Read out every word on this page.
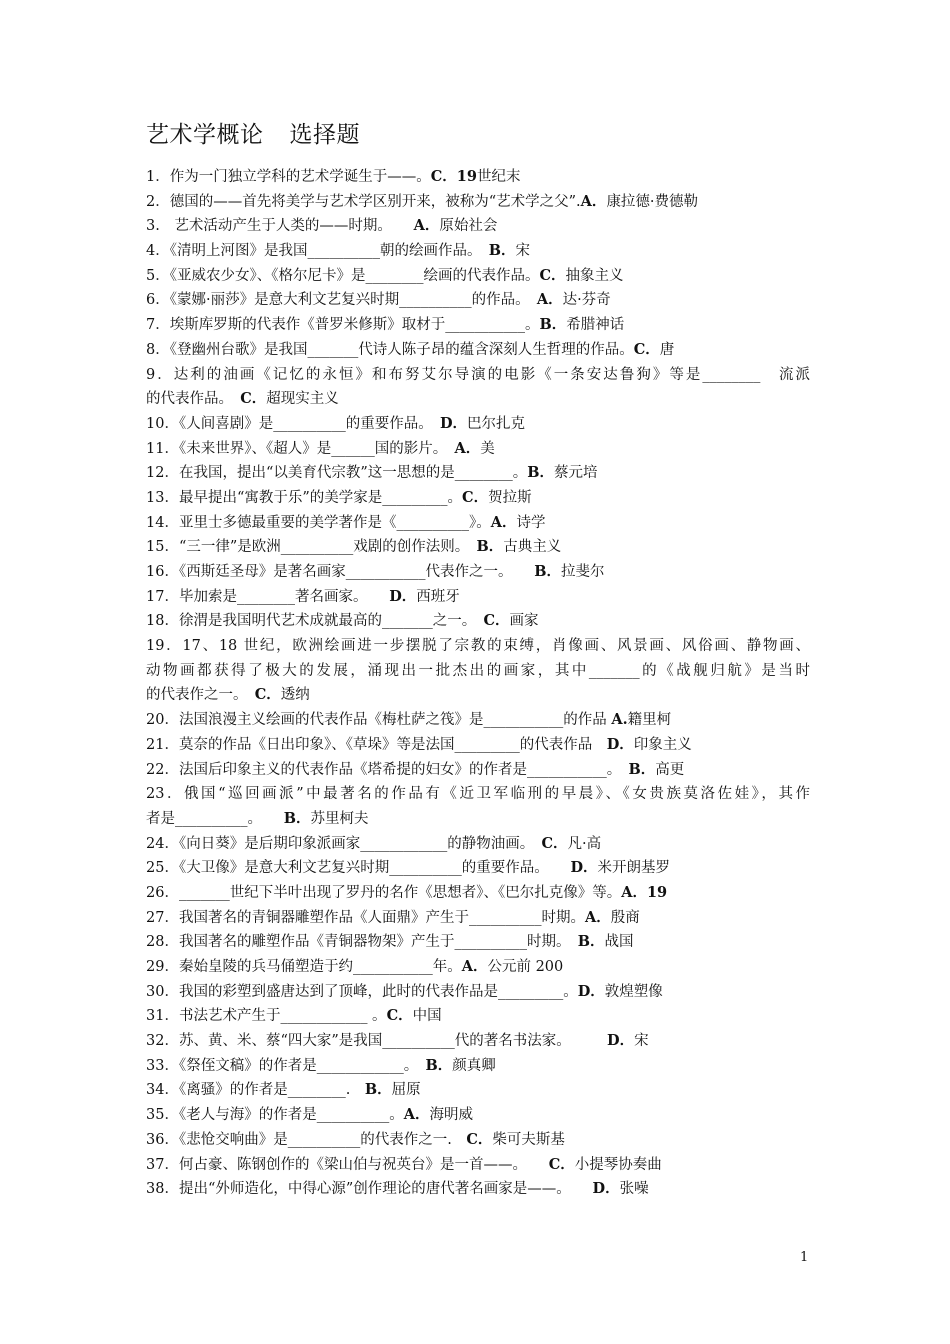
艺术学概论 选择题
1．作为一门独立学科的艺术学诞生于——。C．19世纪末
2．德国的——首先将美学与艺术学区别开来，被称为“艺术学之父”.A．康拉德·费德勒
3.　艺术活动产生于人类的——时期。　　A．原始社会
4．《清明上河图》是我国__________朝的绘画作品。　B．宋
5．《亚威农少女》、《格尔尼卡》是________绘画的代表作品。C．抽象主义
6．《蒙娜·丽莎》是意大利文艺复兴时期__________的作品。　A．达·芬奇
7．埃斯库罗斯的代表作《普罗米修斯》取材于___________。B．希腊神话
8．《登幽州台歌》是我国_______代诗人陈子昂的蕴含深刻人生哲理的作品。C．唐
9．达利的油画《记忆的永恒》和布努艾尔导演的电影《一条安达鲁狗》等是________　流派
的代表作品。　C．超现实主义
10．《人间喜剧》是__________的重要作品。　D．巴尔扎克
11．《未来世界》、《超人》是______国的影片。　A．美
12．在我国，提出“以美育代宗教”这一思想的是________。B．蔡元培
13．最早提出“寓教于乐”的美学家是_________。C．贺拉斯
14．亚里士多德最重要的美学著作是《__________》。A．诗学
15．“三一律”是欧洲__________戏剧的创作法则。　B．古典主义
16．《西斯廷圣母》是著名画家___________代表作之一。　　B．拉斐尔
17．毕加索是________著名画家。　　D．西班牙
18．徐渭是我国明代艺术成就最高的_______之一。　C．画家
19．17、18 世纪，欧洲绘画进一步摆脱了宗教的束缚，肖像画、风景画、风俗画、静物画、
动物画都获得了极大的发展，涌现出一批杰出的画家，其中_______的《战舰归航》是当时
的代表作之一。　C．透纳
20．法国浪漫主义绘画的代表作品《梅杜萨之筏》是___________的作品 A.籍里柯
21．莫奈的作品《日出印象》、《草垛》等是法国_________的代表作品　D．印象主义
22．法国后印象主义的代表作品《塔希提的妇女》的作者是___________。　B．高更
23．俄国“巡回画派”中最著名的作品有《近卫军临刑的早晨》、《女贵族莫洛佐娃》，其作
者是__________。　　B．苏里柯夫
24．《向日葵》是后期印象派画家____________的静物油画。　C．凡·高
25．《大卫像》是意大利文艺复兴时期__________的重要作品。　　D．米开朗基罗
26．_______世纪下半叶出现了罗丹的名作《思想者》、《巴尔扎克像》等。A．19
27．我国著名的青铜器雕塑作品《人面鼎》产生于__________时期。A．殷商
28．我国著名的雕塑作品《青铜器物架》产生于__________时期。　B．战国
29．秦始皇陵的兵马俑塑造于约___________年。A．公元前 200
30．我国的彩塑到盛唐达到了顶峰，此时的代表作品是_________。D．敦煌塑像
31．书法艺术产生于____________ 。C．中国
32．苏、黄、米、蔡“四大家”是我国__________代的著名书法家。　　　D．宋
33．《祭侄文稿》的作者是____________。　B．颜真卿
34．《离骚》的作者是________.　B．屈原
35．《老人与海》的作者是__________。A．海明威
36．《悲怆交响曲》是__________的代表作之一.　C．柴可夫斯基
37．何占豪、陈钢创作的《梁山伯与祝英台》是一首——。　　C．小提琴协奏曲
38．提出“外师造化，中得心源”创作理论的唐代著名画家是——。　　D．张噪
1
